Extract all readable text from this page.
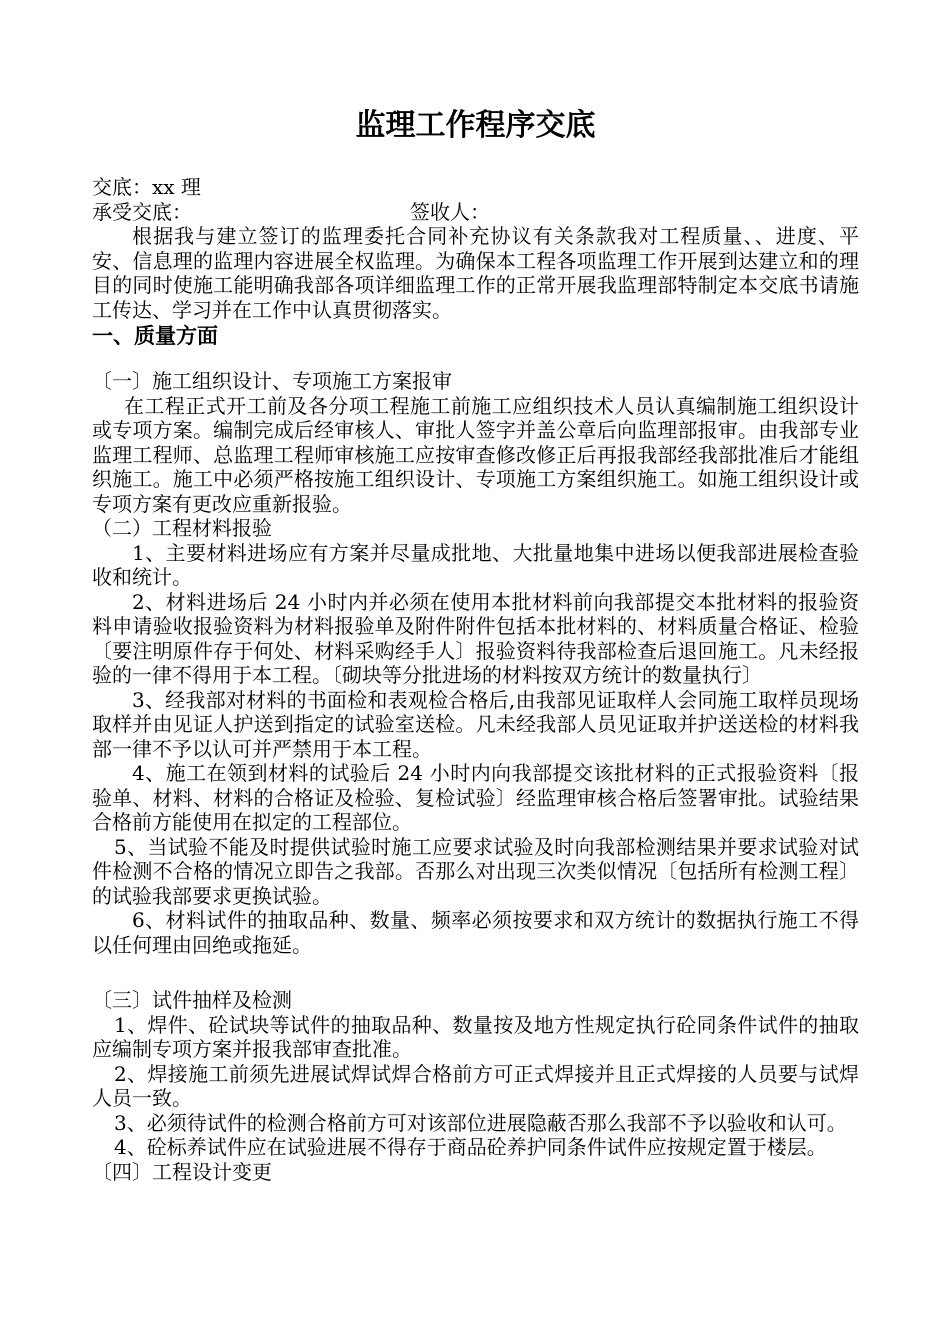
监理工作程序交底
交底：xx 理
承受交底：	签收人：

根据我与建立签订的监理委托合同补充协议有关条款我对工程质量、、进度、平安、信息理的监理内容进展全权监理。为确保本工程各项监理工作开展到达建立和的理目的同时使施工能明确我部各项详细监理工作的正常开展我监理部特制定本交底书请施工传达、学习并在工作中认真贯彻落实。

一、质量方面

〔一〕施工组织设计、专项施工方案报审

在工程正式开工前及各分项工程施工前施工应组织技术人员认真编制施工组织设计或专项方案。编制完成后经审核人、审批人签字并盖公章后向监理部报审。由我部专业监理工程师、总监理工程师审核施工应按审查修改修正后再报我部经我部批准后才能组织施工。施工中必须严格按施工组织设计、专项施工方案组织施工。如施工组织设计或专项方案有更改应重新报验。

（二）工程材料报验

1、主要材料进场应有方案并尽量成批地、大批量地集中进场以便我部进展检查验收和统计。

2、材料进场后 24 小时内并必须在使用本批材料前向我部提交本批材料的报验资料申请验收报验资料为材料报验单及附件附件包括本批材料的、材料质量合格证、检验〔要注明原件存于何处、材料采购经手人〕报验资料待我部检查后退回施工。凡未经报验的一律不得用于本工程。〔砌块等分批进场的材料按双方统计的数量执行〕

3、经我部对材料的书面检和表观检合格后,由我部见证取样人会同施工取样员现场取样并由见证人护送到指定的试验室送检。凡未经我部人员见证取并护送送检的材料我部一律不予以认可并严禁用于本工程。

4、施工在领到材料的试验后 24 小时内向我部提交该批材料的正式报验资料〔报验单、材料、材料的合格证及检验、复检试验〕经监理审核合格后签署审批。试验结果合格前方能使用在拟定的工程部位。

5、当试验不能及时提供试验时施工应要求试验及时向我部检测结果并要求试验对试件检测不合格的情况立即告之我部。否那么对出现三次类似情况〔包括所有检测工程〕的试验我部要求更换试验。

6、材料试件的抽取品种、数量、频率必须按要求和双方统计的数据执行施工不得以任何理由回绝或拖延。

〔三〕试件抽样及检测

1、焊件、砼试块等试件的抽取品种、数量按及地方性规定执行砼同条件试件的抽取应编制专项方案并报我部审查批准。

2、焊接施工前须先进展试焊试焊合格前方可正式焊接并且正式焊接的人员要与试焊人员一致。

3、必须待试件的检测合格前方可对该部位进展隐蔽否那么我部不予以验收和认可。

4、砼标养试件应在试验进展不得存于商品砼养护同条件试件应按规定置于楼层。

〔四〕工程设计变更
